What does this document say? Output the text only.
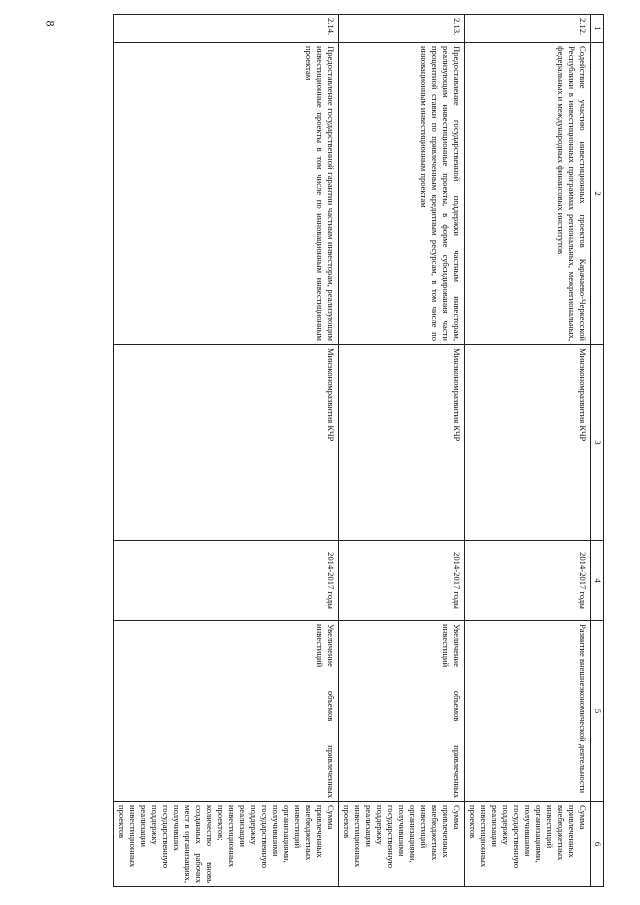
8
1	2	3	4	5	6
2.12.	Содействие участию инвестиционных проектов Карачаево-Черкесской Республики в инвестиционных программах региональных, межрегиональных, федеральных и международных финансовых институтов	Минэкономразвития КЧР	2014-2017 годы	Развитие внешнеэкономической деятельности	Сумма привлеченных внебюджетных инвестиций организациями, получившими государственную поддержку реализации инвестиционных проектов
2.13.	Предоставление государственной поддержки частным инвесторам, реализующим инвестиционные проекты, в форме субсидирования части процентной ставки по привлеченным кредитным ресурсам, в том числе по инновационным инвестиционным проектам	Минэкономразвития КЧР	2014-2017 годы	Увеличение объемов привлеченных инвестиций	Сумма привлеченных внебюджетных инвестиций организациями, получившими государственную поддержку реализации инвестиционных проектов
2.14.	Предоставление государственной гарантии частным инвесторам, реализующим инвестиционные проекты в том числе по инновационным инвестиционным проектам	Минэкономразвития КЧР	2014-2017 годы	Увеличение объемов привлеченных инвестиций	Сумма привлеченных внебюджетных инвестиций организациями, получившими государственную поддержку реализации инвестиционных проектов; количество вновь созданных рабочих мест в организациях, получивших государственную поддержку реализации инвестиционных проектов
